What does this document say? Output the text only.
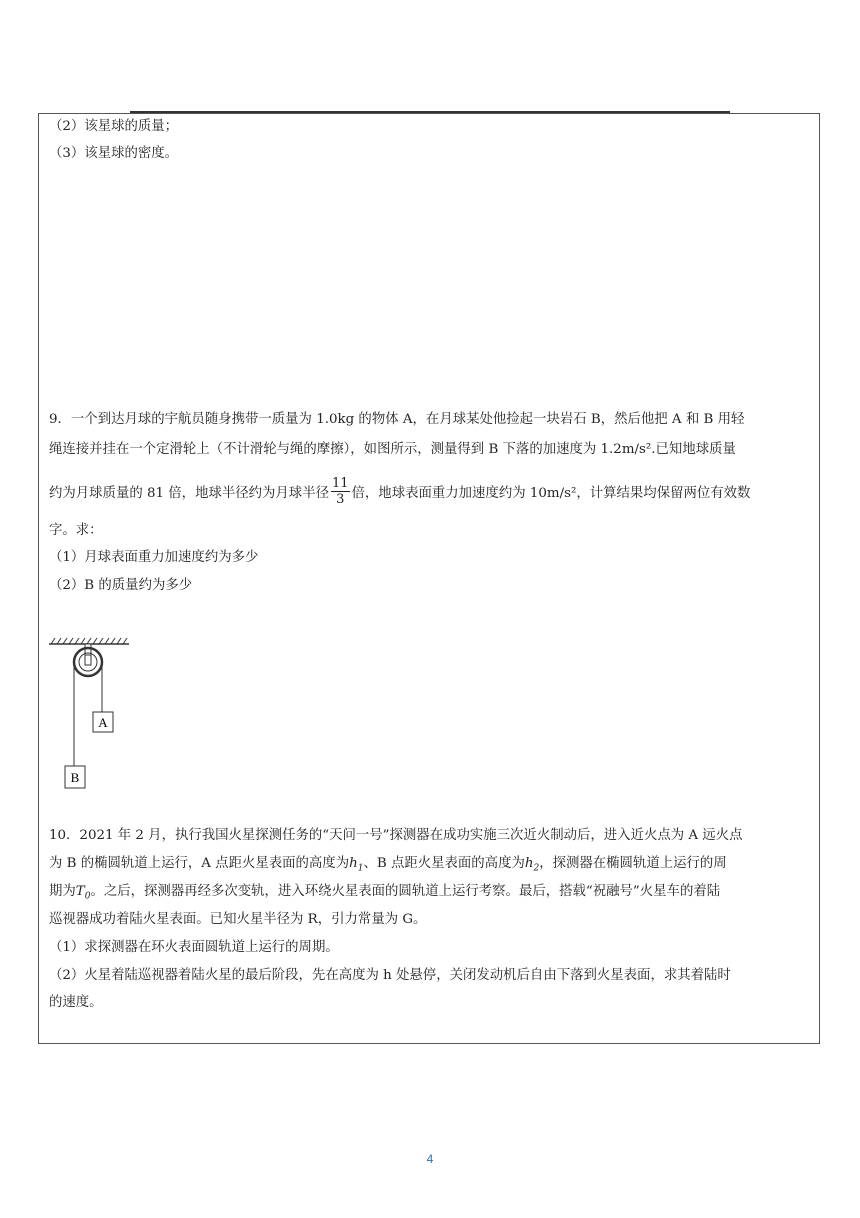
（2）该星球的质量；
（3）该星球的密度。
9．一个到达月球的宇航员随身携带一质量为 1.0kg 的物体 A，在月球某处他捡起一块岩石 B，然后他把 A 和 B 用轻
绳连接并挂在一个定滑轮上（不计滑轮与绳的摩擦），如图所示，测量得到 B 下落的加速度为 1.2m/s².已知地球质量
约为月球质量的 81 倍，地球半径约为月球半径 $\frac{11}{3}$ 倍，地球表面重力加速度约为 10m/s²，计算结果均保留两位有效数
字。求：
（1）月球表面重力加速度约为多少
（2）B 的质量约为多少
A
B
10．2021 年 2 月，执行我国火星探测任务的“天问一号”探测器在成功实施三次近火制动后，进入近火点为 A 远火点
为 B 的椭圆轨道上运行，A 点距火星表面的高度为$h_1$、B 点距火星表面的高度为$h_2$，探测器在椭圆轨道上运行的周
期为$T_0$。之后，探测器再经多次变轨，进入环绕火星表面的圆轨道上运行考察。最后，搭载“祝融号”火星车的着陆
巡视器成功着陆火星表面。已知火星半径为 R，引力常量为 G。
（1）求探测器在环火表面圆轨道上运行的周期。
（2）火星着陆巡视器着陆火星的最后阶段，先在高度为 h 处悬停，关闭发动机后自由下落到火星表面，求其着陆时
的速度。
4
